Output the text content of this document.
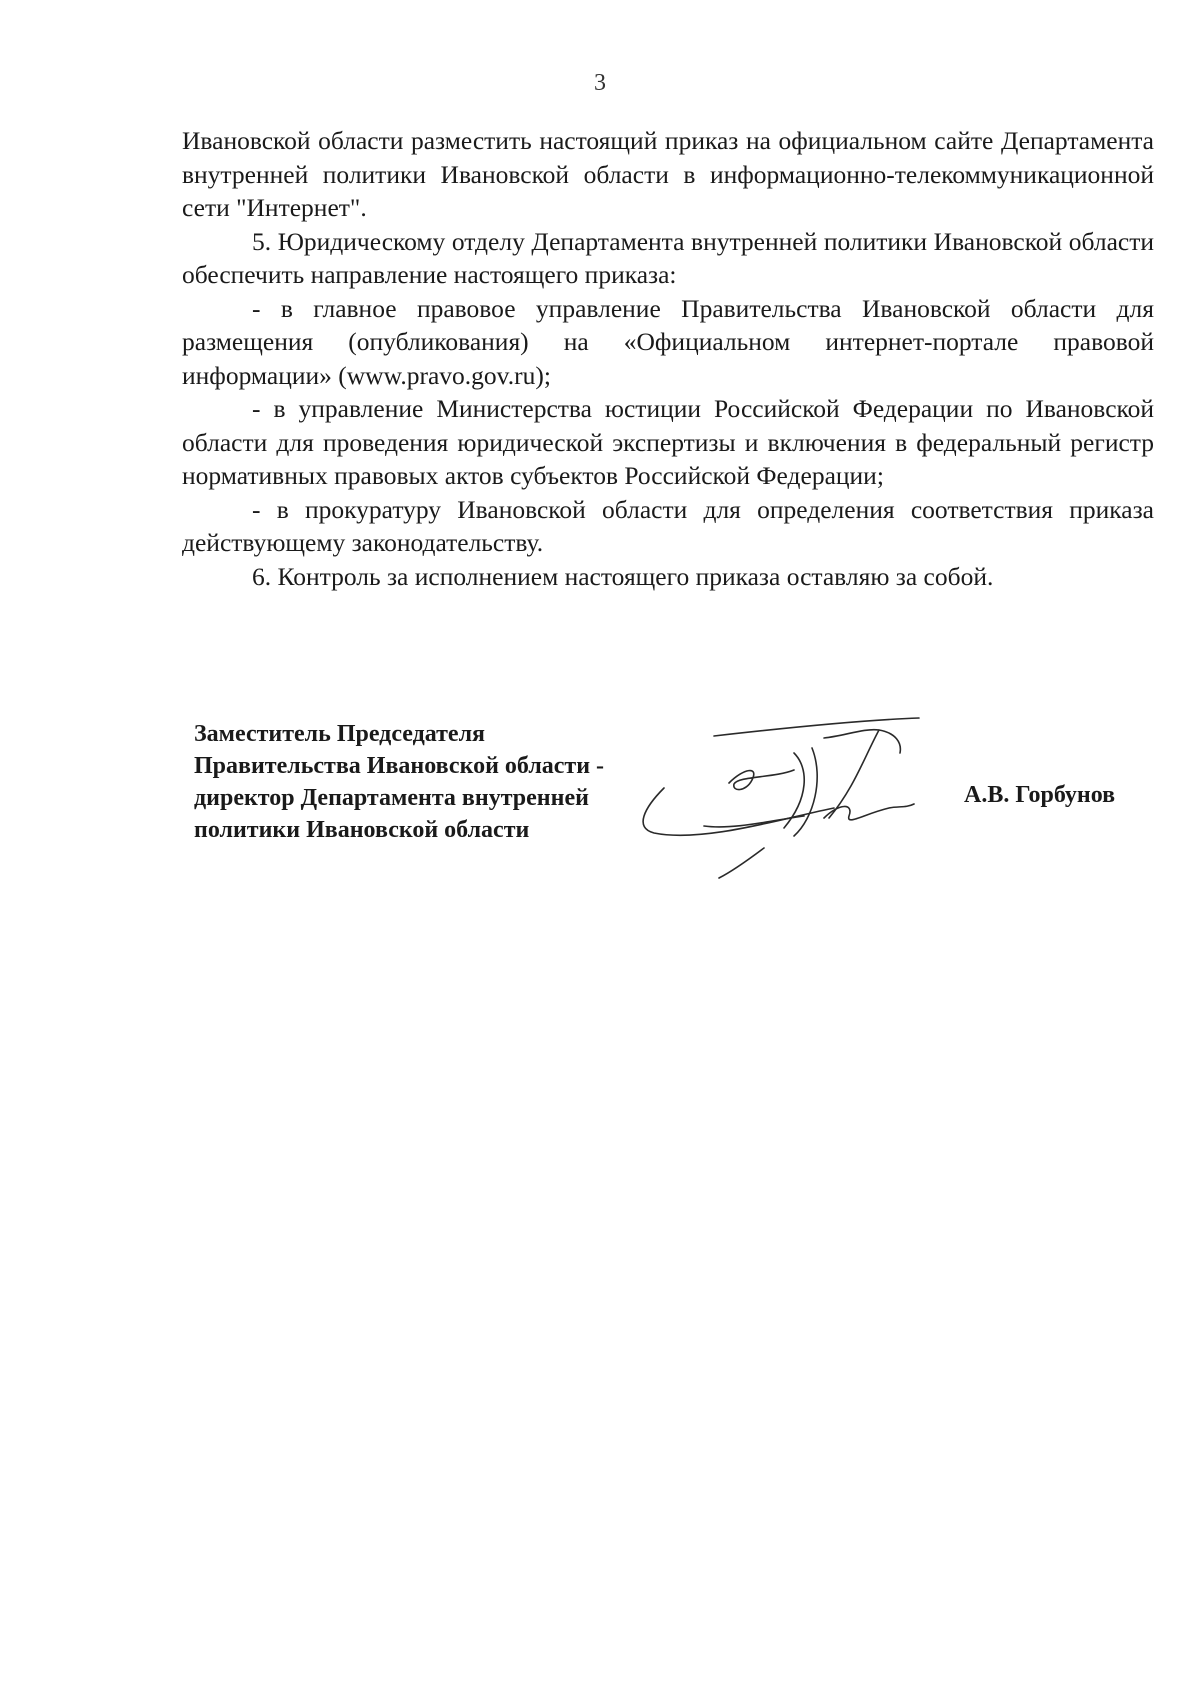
3

Ивановской области разместить настоящий приказ на официальном сайте Департамента внутренней политики Ивановской области в информационно-телекоммуникационной сети "Интернет".

5. Юридическому отделу Департамента внутренней политики Ивановской области обеспечить направление настоящего приказа:

- в главное правовое управление Правительства Ивановской области для размещения (опубликования) на «Официальном интернет-портале правовой информации» (www.pravo.gov.ru);

- в управление Министерства юстиции Российской Федерации по Ивановской области для проведения юридической экспертизы и включения в федеральный регистр нормативных правовых актов субъектов Российской Федерации;

- в прокуратуру Ивановской области для определения соответствия приказа действующему законодательству.

6. Контроль за исполнением настоящего приказа оставляю за собой.

Заместитель Председателя
Правительства Ивановской области -
директор Департамента внутренней
политики Ивановской области
А.В. Горбунов
